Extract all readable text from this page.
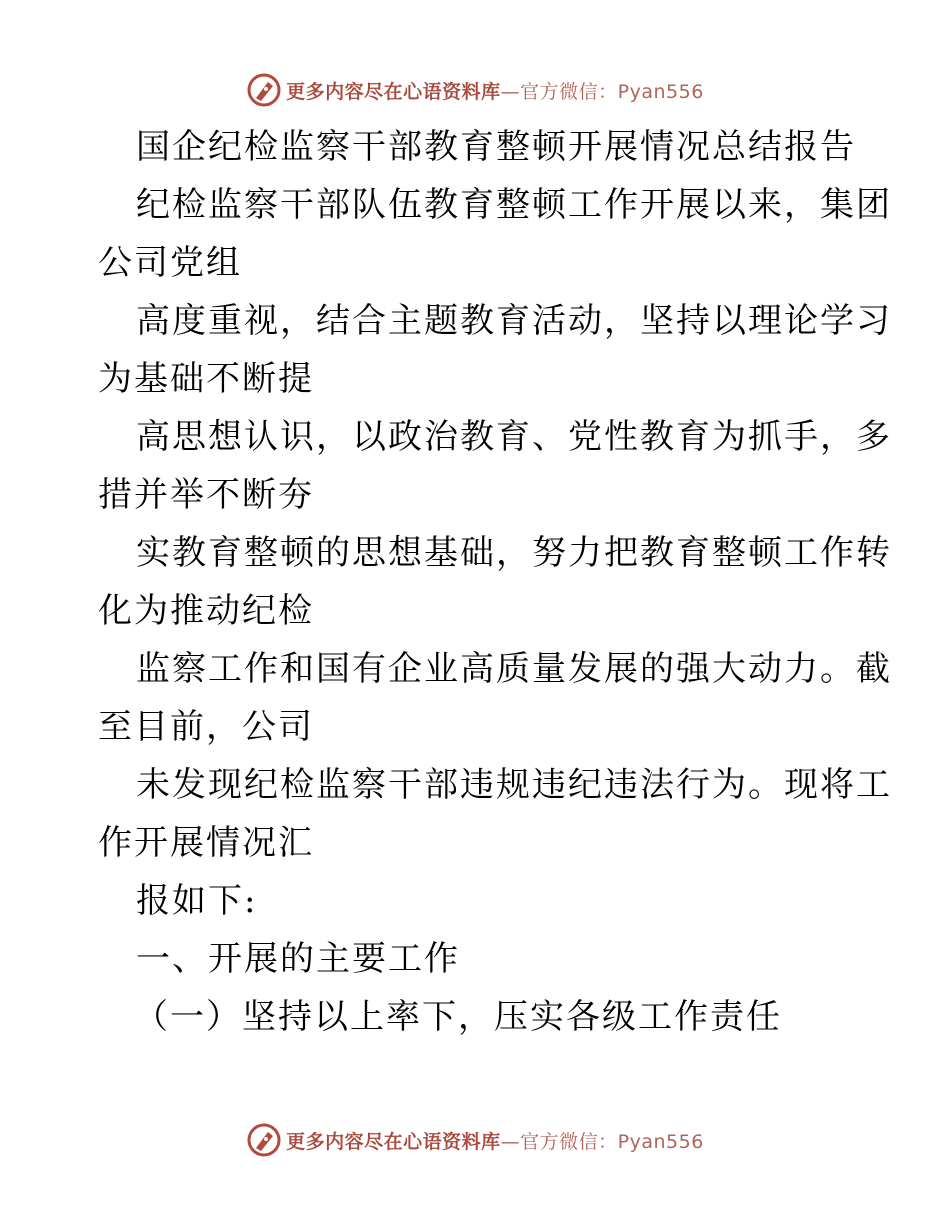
更多内容尽在心语资料库—官方微信：Pyan556
国企纪检监察干部教育整顿开展情况总结报告
纪检监察干部队伍教育整顿工作开展以来，集团
公司党组
高度重视，结合主题教育活动，坚持以理论学习
为基础不断提
高思想认识，以政治教育、党性教育为抓手，多
措并举不断夯
实教育整顿的思想基础，努力把教育整顿工作转
化为推动纪检
监察工作和国有企业高质量发展的强大动力。截
至目前，公司
未发现纪检监察干部违规违纪违法行为。现将工
作开展情况汇
报如下:
一、开展的主要工作
（一）坚持以上率下，压实各级工作责任
更多内容尽在心语资料库—官方微信：Pyan556
